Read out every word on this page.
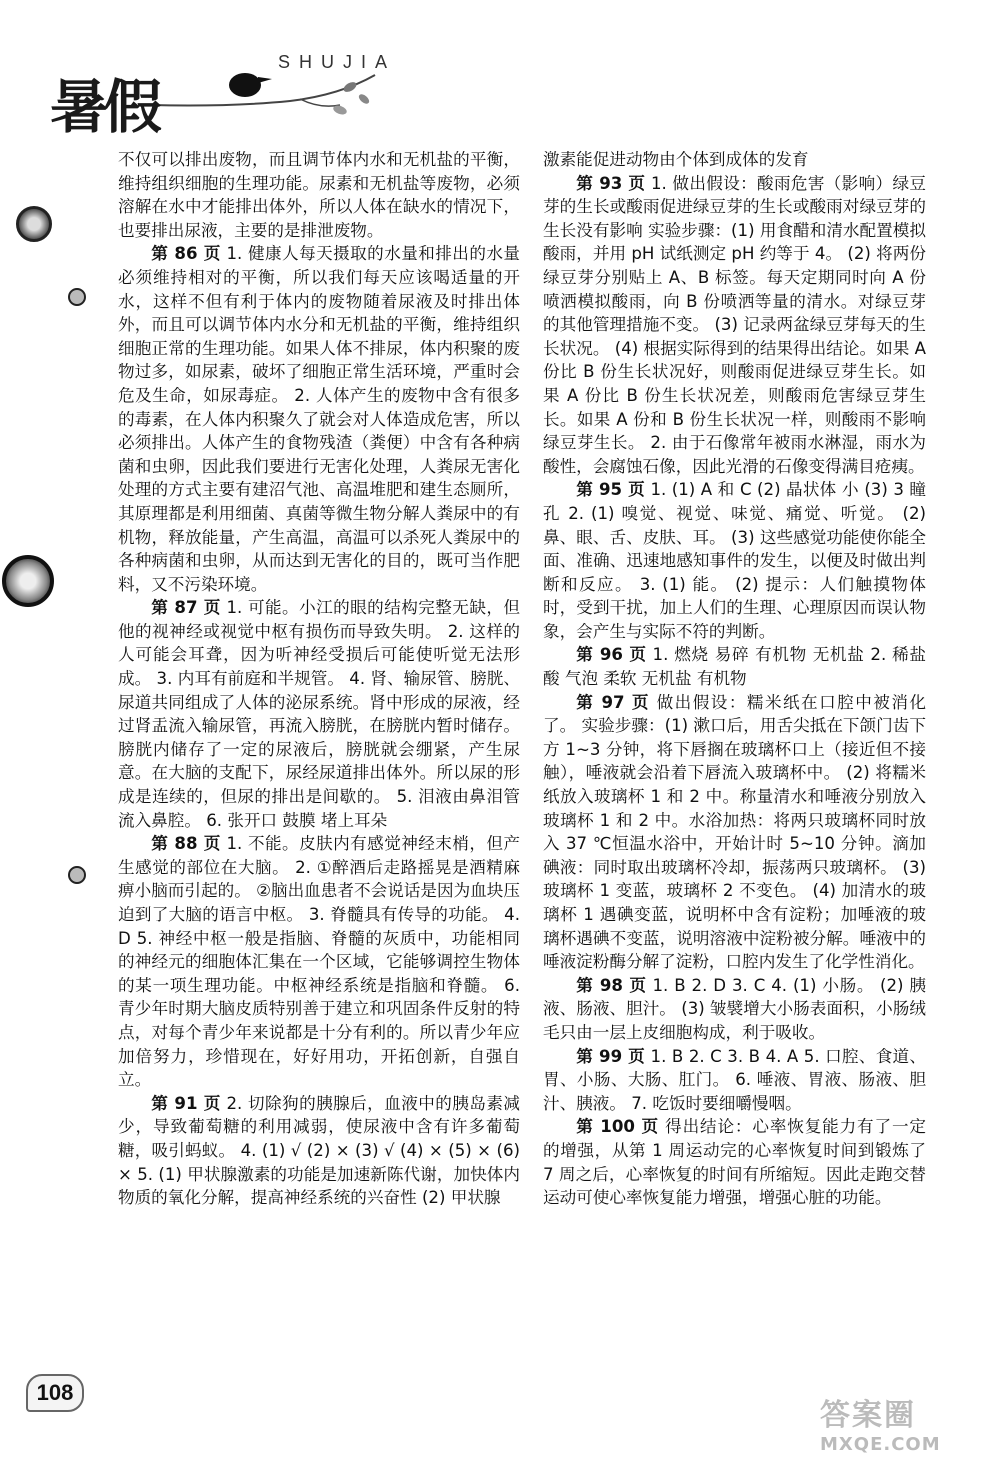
暑假
SHUJIA

不仅可以排出废物，而且调节体内水和无机盐的平衡，维持组织细胞的生理功能。尿素和无机盐等废物，必须溶解在水中才能排出体外，所以人体在缺水的情况下，也要排出尿液，主要的是排泄废物。

第 86 页 1. 健康人每天摄取的水量和排出的水量必须维持相对的平衡，所以我们每天应该喝适量的开水，这样不但有利于体内的废物随着尿液及时排出体外，而且可以调节体内水分和无机盐的平衡，维持组织细胞正常的生理功能。如果人体不排尿，体内积聚的废物过多，如尿素，破坏了细胞正常生活环境，严重时会危及生命，如尿毒症。 2. 人体产生的废物中含有很多的毒素，在人体内积聚久了就会对人体造成危害，所以必须排出。人体产生的食物残渣（粪便）中含有各种病菌和虫卵，因此我们要进行无害化处理，人粪尿无害化处理的方式主要有建沼气池、高温堆肥和建生态厕所，其原理都是利用细菌、真菌等微生物分解人粪尿中的有机物，释放能量，产生高温，高温可以杀死人粪尿中的各种病菌和虫卵，从而达到无害化的目的，既可当作肥料，又不污染环境。

第 87 页 1. 可能。小江的眼的结构完整无缺，但他的视神经或视觉中枢有损伤而导致失明。 2. 这样的人可能会耳聋，因为听神经受损后可能使听觉无法形成。 3. 内耳有前庭和半规管。 4. 肾、输尿管、膀胱、尿道共同组成了人体的泌尿系统。肾中形成的尿液，经过肾盂流入输尿管，再流入膀胱，在膀胱内暂时储存。膀胱内储存了一定的尿液后，膀胱就会绷紧，产生尿意。在大脑的支配下，尿经尿道排出体外。所以尿的形成是连续的，但尿的排出是间歇的。 5. 泪液由鼻泪管流入鼻腔。 6. 张开口 鼓膜 堵上耳朵

第 88 页 1. 不能。皮肤内有感觉神经末梢，但产生感觉的部位在大脑。 2. ①醉酒后走路摇晃是酒精麻痹小脑而引起的。 ②脑出血患者不会说话是因为血块压迫到了大脑的语言中枢。 3. 脊髓具有传导的功能。 4. D 5. 神经中枢一般是指脑、脊髓的灰质中，功能相同的神经元的细胞体汇集在一个区域，它能够调控生物体的某一项生理功能。中枢神经系统是指脑和脊髓。 6. 青少年时期大脑皮质特别善于建立和巩固条件反射的特点，对每个青少年来说都是十分有利的。所以青少年应加倍努力，珍惜现在，好好用功，开拓创新，自强自立。

第 91 页 2. 切除狗的胰腺后，血液中的胰岛素减少，导致葡萄糖的利用减弱，使尿液中含有许多葡萄糖，吸引蚂蚁。 4. (1) √ (2) × (3) √ (4) × (5) × (6) × 5. (1) 甲状腺激素的功能是加速新陈代谢，加快体内物质的氧化分解，提高神经系统的兴奋性 (2) 甲状腺

激素能促进动物由个体到成体的发育

第 93 页 1. 做出假设：酸雨危害（影响）绿豆芽的生长或酸雨促进绿豆芽的生长或酸雨对绿豆芽的生长没有影响 实验步骤：(1) 用食醋和清水配置模拟酸雨，并用 pH 试纸测定 pH 约等于 4。 (2) 将两份绿豆芽分别贴上 A、B 标签。每天定期同时向 A 份喷洒模拟酸雨，向 B 份喷洒等量的清水。对绿豆芽的其他管理措施不变。 (3) 记录两盆绿豆芽每天的生长状况。 (4) 根据实际得到的结果得出结论。如果 A 份比 B 份生长状况好，则酸雨促进绿豆芽生长。如果 A 份比 B 份生长状况差，则酸雨危害绿豆芽生长。如果 A 份和 B 份生长状况一样，则酸雨不影响绿豆芽生长。 2. 由于石像常年被雨水淋湿，雨水为酸性，会腐蚀石像，因此光滑的石像变得满目疮痍。

第 95 页 1. (1) A 和 C (2) 晶状体 小 (3) 3 瞳孔 2. (1) 嗅觉、视觉、味觉、痛觉、听觉。 (2) 鼻、眼、舌、皮肤、耳。 (3) 这些感觉功能使你能全面、准确、迅速地感知事件的发生，以便及时做出判断和反应。 3. (1) 能。 (2) 提示：人们触摸物体时，受到干扰，加上人们的生理、心理原因而误认物象，会产生与实际不符的判断。

第 96 页 1. 燃烧 易碎 有机物 无机盐 2. 稀盐酸 气泡 柔软 无机盐 有机物

第 97 页 做出假设：糯米纸在口腔中被消化了。 实验步骤：(1) 漱口后，用舌尖抵在下颌门齿下方 1~3 分钟，将下唇搁在玻璃杯口上（接近但不接触），唾液就会沿着下唇流入玻璃杯中。 (2) 将糯米纸放入玻璃杯 1 和 2 中。称量清水和唾液分别放入玻璃杯 1 和 2 中。水浴加热：将两只玻璃杯同时放入 37 ℃恒温水浴中，开始计时 5~10 分钟。滴加碘液：同时取出玻璃杯冷却，振荡两只玻璃杯。 (3) 玻璃杯 1 变蓝，玻璃杯 2 不变色。 (4) 加清水的玻璃杯 1 遇碘变蓝，说明杯中含有淀粉；加唾液的玻璃杯遇碘不变蓝，说明溶液中淀粉被分解。唾液中的唾液淀粉酶分解了淀粉，口腔内发生了化学性消化。

第 98 页 1. B 2. D 3. C 4. (1) 小肠。 (2) 胰液、肠液、胆汁。 (3) 皱襞增大小肠表面积，小肠绒毛只由一层上皮细胞构成，利于吸收。

第 99 页 1. B 2. C 3. B 4. A 5. 口腔、食道、胃、小肠、大肠、肛门。 6. 唾液、胃液、肠液、胆汁、胰液。 7. 吃饭时要细嚼慢咽。

第 100 页 得出结论：心率恢复能力有了一定的增强，从第 1 周运动完的心率恢复时间到锻炼了 7 周之后，心率恢复的时间有所缩短。因此走跑交替运动可使心率恢复能力增强，增强心脏的功能。

108
答案圈
MXQE.COM
